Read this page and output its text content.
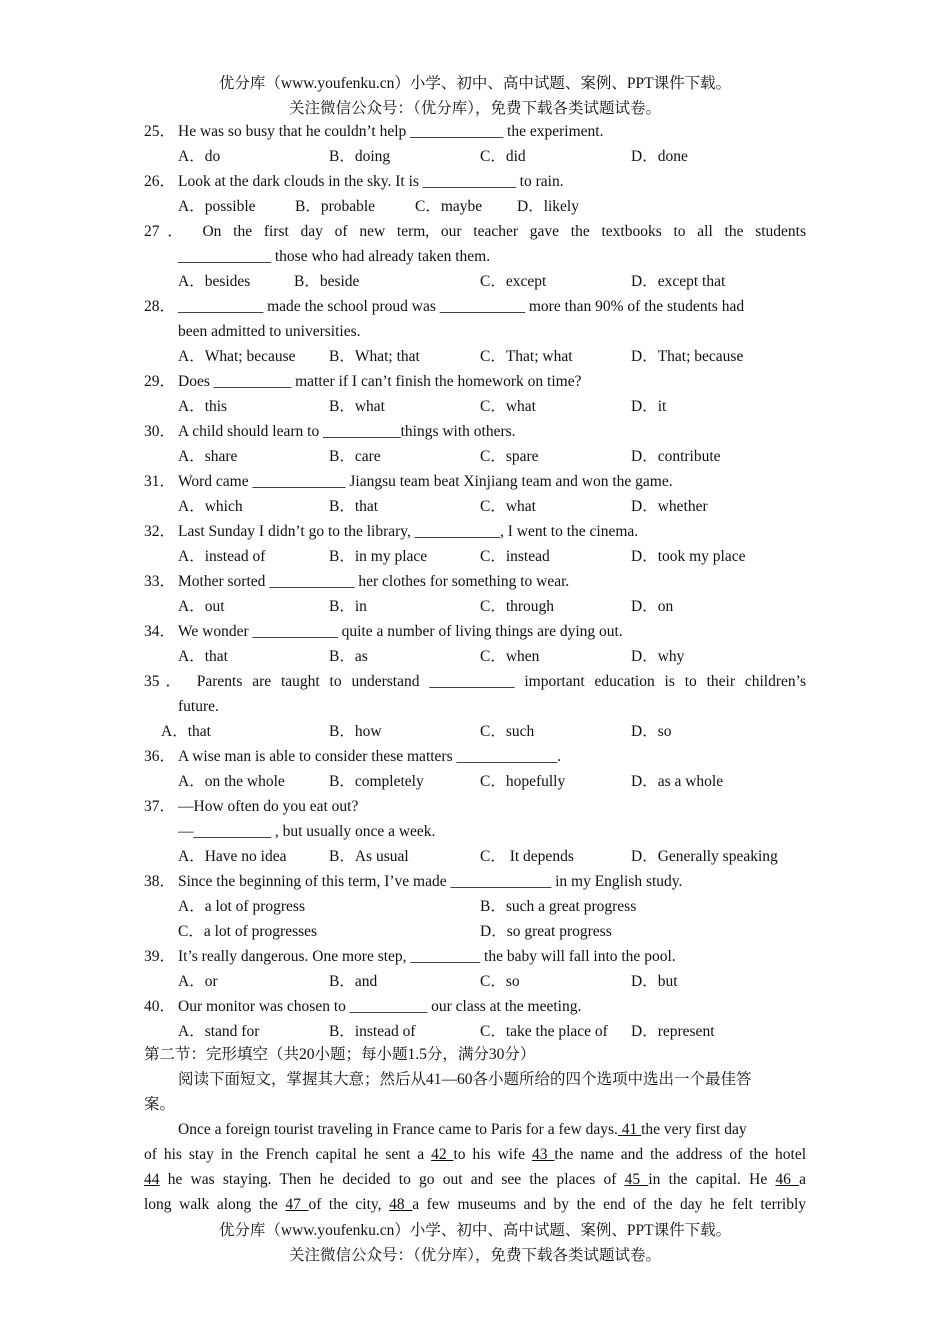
优分库（www.youfenku.cn）小学、初中、高中试题、案例、PPT课件下载。
关注微信公众号：（优分库），免费下载各类试题试卷。
25． He was so busy that he couldn’t help ____________ the experiment.
A．do	B．doing	C．did	D．done
26． Look at the dark clouds in the sky. It is ____________ to rain.
A．possible	B．probable	C．maybe D．likely
27． On the first day of new term, our teacher gave the textbooks to all the students
____________ those who had already taken them.
A．besides	B．beside	C．except	D．except that
28． ___________ made the school proud was ___________ more than 90% of the students had
been admitted to universities.
A．What; because B．What; that	C．That; what	D．That; because
29． Does __________ matter if I can’t finish the homework on time?
A．this	B．what	C．what	D．it
30． A child should learn to __________things with others.
A．share	B．care	C．spare	D．contribute
31． Word came ____________ Jiangsu team beat Xinjiang team and won the game.
A．which	B．that	C．what	D．whether
32． Last Sunday I didn’t go to the library, ___________, I went to the cinema.
A．instead of	B．in my place	C．instead	D．took my place
33． Mother sorted ___________ her clothes for something to wear.
A．out	B．in	C．through	D．on
34． We wonder ___________ quite a number of living things are dying out.
A．that	B．as	C．when	D．why
35． Parents are taught to understand ___________ important education is to their children’s
future.
A．that	B．how	C．such	D．so
36． A wise man is able to consider these matters _____________.
A．on the whole	B．completely	C．hopefully	D．as a whole
37． —How often do you eat out?
—__________ , but usually once a week.
A．Have no idea	B．As usual	C． It depends	D．Generally speaking
38． Since the beginning of this term, I’ve made _____________ in my English study.
A．a lot of progress	B．such a great progress
C．a lot of progresses	D．so great progress
39． It’s really dangerous. One more step, _________ the baby will fall into the pool.
A．or	B．and	C．so	D．but
40． Our monitor was chosen to __________ our class at the meeting.
A．stand for	B．instead of	C．take the place of D．represent
第二节：完形填空（共20小题；每小题1.5分，满分30分）
阅读下面短文，掌握其大意；然后从41—60各小题所给的四个选项中选出一个最佳答
案。
Once a foreign tourist traveling in France came to Paris for a few days. 41 the very first day
of his stay in the French capital he sent a 42 to his wife 43 the name and the address of the hotel
44 he was staying. Then he decided to go out and see the places of 45 in the capital. He 46 a
long walk along the 47 of the city, 48 a few museums and by the end of the day he felt terribly
优分库（www.youfenku.cn）小学、初中、高中试题、案例、PPT课件下载。
关注微信公众号：（优分库），免费下载各类试题试卷。
